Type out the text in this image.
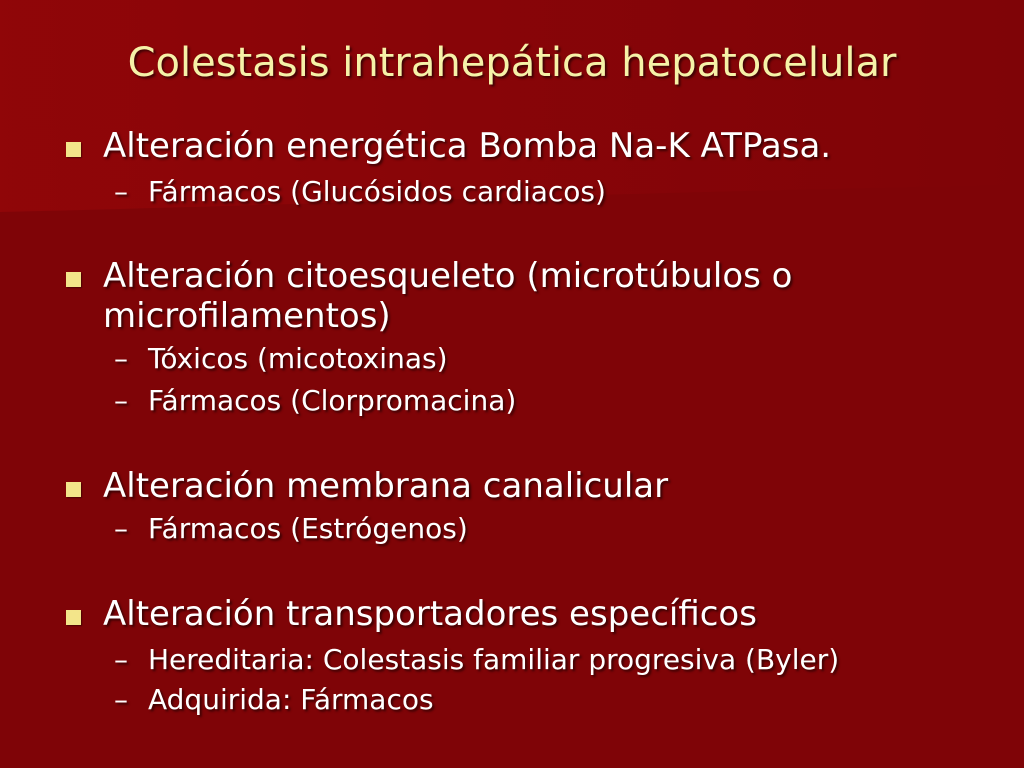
Colestasis intrahepática hepatocelular
Alteración energética Bomba Na-K ATPasa.
– Fármacos (Glucósidos cardiacos)
Alteración citoesqueleto (microtúbulos o
microfilamentos)
– Tóxicos (micotoxinas)
– Fármacos (Clorpromacina)
Alteración membrana canalicular
– Fármacos (Estrógenos)
Alteración transportadores específicos
– Hereditaria: Colestasis familiar progresiva (Byler)
– Adquirida: Fármacos
